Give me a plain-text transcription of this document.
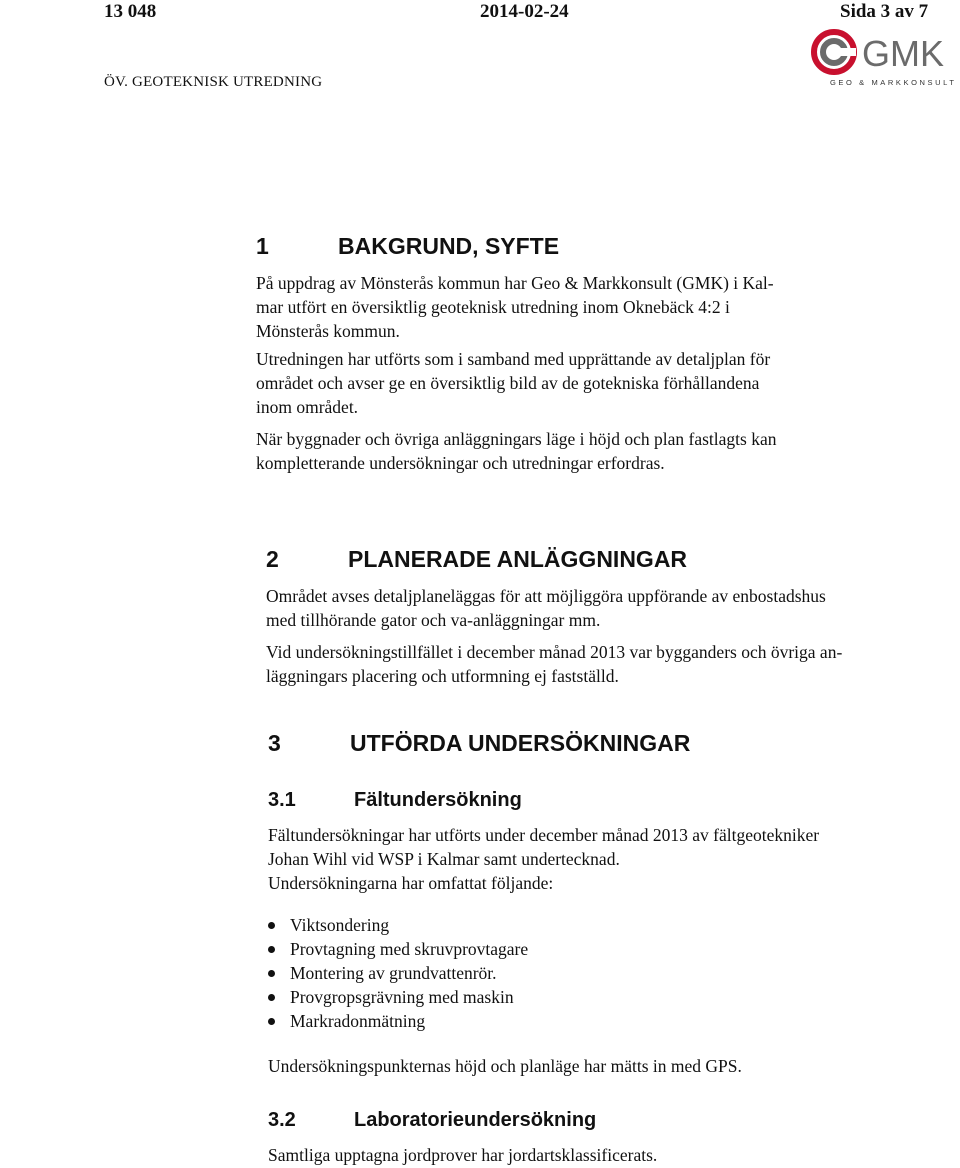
13 048	2014-02-24	Sida 3 av 7
ÖV. GEOTEKNISK UTREDNING
GMK
GEO & MARKKONSULT
1	BAKGRUND, SYFTE
På uppdrag av Mönsterås kommun har Geo & Markkonsult (GMK) i Kal-
mar utfört en översiktlig geoteknisk utredning inom Oknebäck 4:2 i
Mönsterås kommun.
Utredningen har utförts som i samband med upprättande av detaljplan för
området och avser ge en översiktlig bild av de gotekniska förhållandena
inom området.
När byggnader och övriga anläggningars läge i höjd och plan fastlagts kan
kompletterande undersökningar och utredningar erfordras.
2	PLANERADE ANLÄGGNINGAR
Området avses detaljplaneläggas för att möjliggöra uppförande av enbostadshus
med tillhörande gator och va-anläggningar mm.
Vid undersökningstillfället i december månad 2013 var bygganders och övriga an-
läggningars placering och utformning ej fastställd.
3	UTFÖRDA UNDERSÖKNINGAR
3.1	Fältundersökning
Fältundersökningar har utförts under december månad 2013 av fältgeotekniker
Johan Wihl vid WSP i Kalmar samt undertecknad.
Undersökningarna har omfattat följande:
Viktsondering
Provtagning med skruvprovtagare
Montering av grundvattenrör.
Provgropsgrävning med maskin
Markradonmätning
Undersökningspunkternas höjd och planläge har mätts in med GPS.
3.2	Laboratorieundersökning
Samtliga upptagna jordprover har jordartsklassificerats.
